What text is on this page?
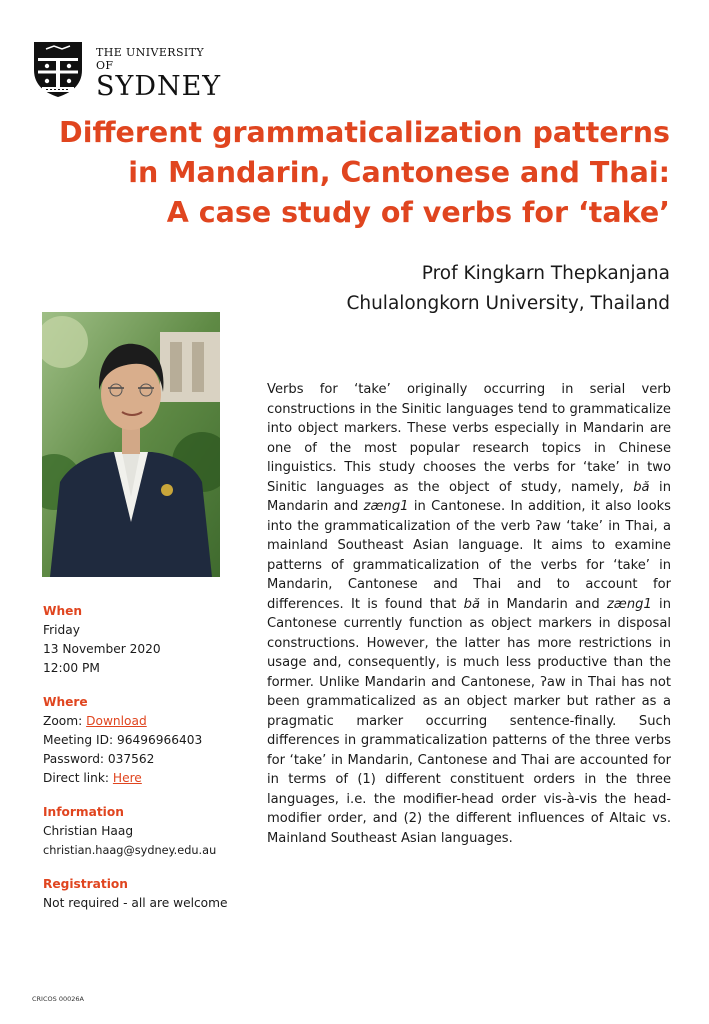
THE UNIVERSITY OF
SYDNEY
Different grammaticalization patterns
in Mandarin, Cantonese and Thai:
A case study of verbs for ‘take’
Prof Kingkarn Thepkanjana
Chulalongkorn University, Thailand
When
Friday
13 November 2020
12:00 PM
Where
Zoom: Download
Meeting ID: 96496966403
Password: 037562
Direct link: Here
Information
Christian Haag
christian.haag@sydney.edu.au
Registration
Not required - all are welcome

Verbs for ‘take’ originally occurring in serial verb constructions in the Sinitic languages tend to grammaticalize into object markers. These verbs especially in Mandarin are one of the most popular research topics in Chinese linguistics. This study chooses the verbs for ‘take’ in two Sinitic languages as the object of study, namely, bă in Mandarin and zæng1 in Cantonese. In addition, it also looks into the grammaticalization of the verb ʔaw ‘take’ in Thai, a mainland Southeast Asian language. It aims to examine patterns of grammaticalization of the verbs for ‘take’ in Mandarin, Cantonese and Thai and to account for differences. It is found that bă in Mandarin and zæng1 in Cantonese currently function as object markers in disposal constructions. However, the latter has more restrictions in usage and, consequently, is much less productive than the former. Unlike Mandarin and Cantonese, ʔaw in Thai has not been grammaticalized as an object marker but rather as a pragmatic marker occurring sentence-finally. Such differences in grammaticalization patterns of the three verbs for ‘take’ in Mandarin, Cantonese and Thai are accounted for in terms of (1) different constituent orders in the three languages, i.e. the modifier-head order vis-à-vis the head-modifier order, and (2) the different influences of Altaic vs. Mainland Southeast Asian languages.

CRICOS 00026A
